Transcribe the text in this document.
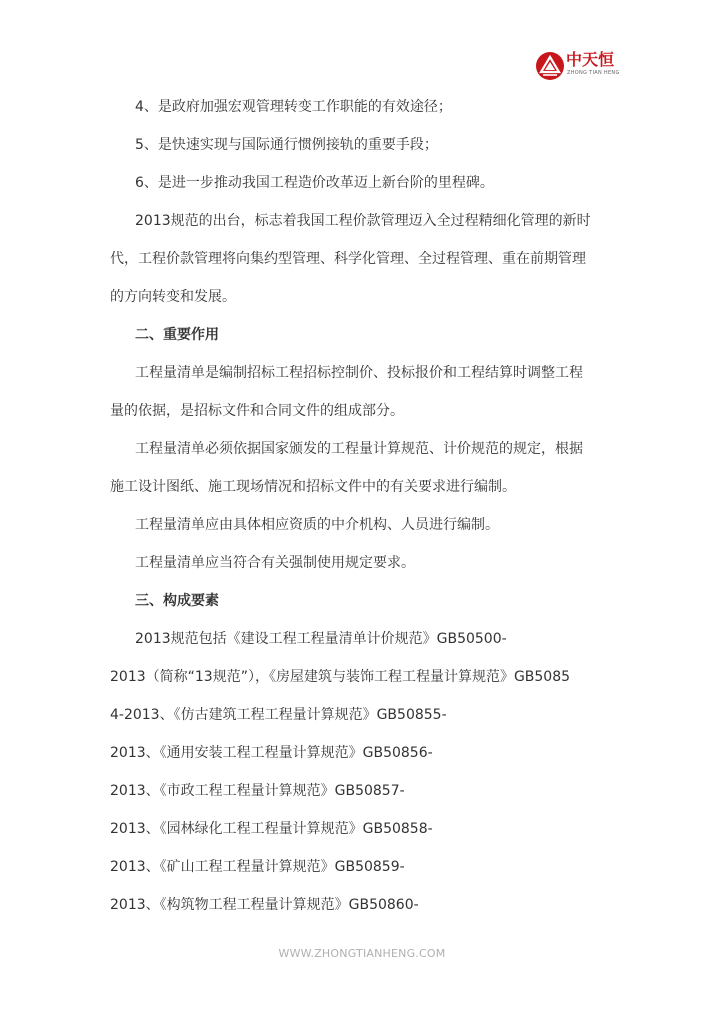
中天恒
ZHONG TIAN HENG
4、是政府加强宏观管理转变工作职能的有效途径；
5、是快速实现与国际通行惯例接轨的重要手段；
6、是进一步推动我国工程造价改革迈上新台阶的里程碑。
2013规范的出台，标志着我国工程价款管理迈入全过程精细化管理的新时
代，工程价款管理将向集约型管理、科学化管理、全过程管理、重在前期管理
的方向转变和发展。
二、重要作用
工程量清单是编制招标工程招标控制价、投标报价和工程结算时调整工程
量的依据，是招标文件和合同文件的组成部分。
工程量清单必须依据国家颁发的工程量计算规范、计价规范的规定，根据
施工设计图纸、施工现场情况和招标文件中的有关要求进行编制。
工程量清单应由具体相应资质的中介机构、人员进行编制。
工程量清单应当符合有关强制使用规定要求。
三、构成要素
2013规范包括《建设工程工程量清单计价规范》GB50500-
2013（简称“13规范”），《房屋建筑与装饰工程工程量计算规范》GB5085
4-2013、《仿古建筑工程工程量计算规范》GB50855-
2013、《通用安装工程工程量计算规范》GB50856-
2013、《市政工程工程量计算规范》GB50857-
2013、《园林绿化工程工程量计算规范》GB50858-
2013、《矿山工程工程量计算规范》GB50859-
2013、《构筑物工程工程量计算规范》GB50860-
WWW.ZHONGTIANHENG.COM
